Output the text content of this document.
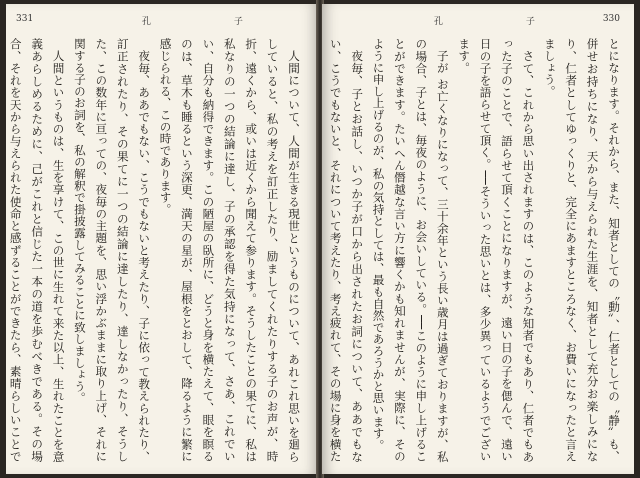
331	孔 子

人間について、人間が生きる現世というものについて、あれこれ思いを廻らしていると、私の考えを訂正したり、励ましてくれたりする子のお声が、時折、遠くから、或いは近くから聞えて参ります。そうしたことの果てに、私は私なりの一つの結論に達し、子の承認を得た気持になって、さあ、これでいい、自分も納得できます。この陋屋の臥所に、どうと身を横たえて、眼を瞑るのは、草木も睡るという深更、満天の星が、屋根をとおして、降るように繁に感じられる、この時であります。

夜毎、ああでもない、こうでもないと考えたり、子に依って教えられたり、訂正されたり、その果てに一つの結論に達したり、達しなかったり、そうした、この数年に亘っての、夜毎の主題を、思い浮かぶままに取り上げ、それに関する子のお詞を、私の解釈で掛披露してみることに致しましょう。

人間というものは、生を享けて、この世に生れて来た以上、生れたことを意義あらしめるために、己がこれと信じた一本の道を歩むべきである。その場合、それを天から与えられた使命と感ずることができたら、素晴らしいことで

孔 子	330

とになります。それから、また、知者としての〝動〟、仁者としての〝静〟も、併せお持ちになり、天から与えられた生涯を、知者として充分お楽しみになり、仁者としてゆっくりと、完全にあますところなく、お費いになったと言えましょう。

さて、これから思い出されますのは、このような知者でもあり、仁者でもあった子のことで、語らせて頂くことになりますが、遠い日の子を偲んで、遠い日の子を語らせて頂く。──そういった思いとは、多少異っているようでございます。

子が お亡くなりになって、三十余年という長い歳月は過ぎておりますが、私の場合、子とは、毎夜のように、お会いしている。──このように申し上げることができます。たいへん僭越な言い方に響くかも知れませんが、実際に、そのように申し上げるのが、私の気持としては、最も自然であろうかと思います。

夜毎、子とお話し、いつか子が口から出されたお詞について、ああでもない、こうでもないと、それについて考えたり、考え疲れて、その場に身を横た
